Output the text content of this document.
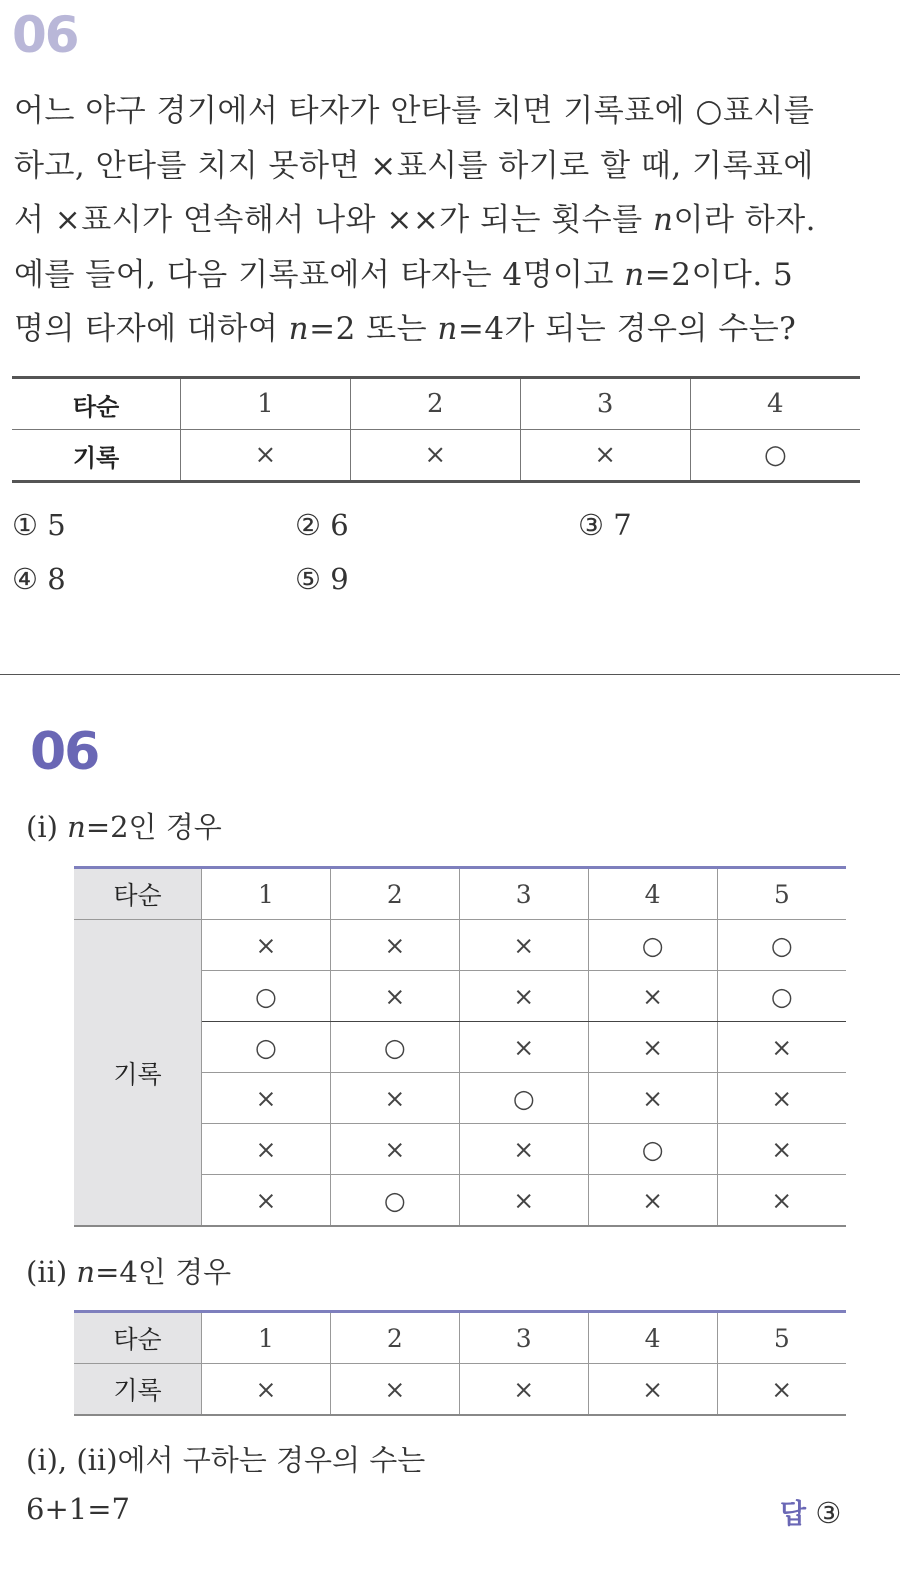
06

어느 야구 경기에서 타자가 안타를 치면 기록표에 ○표시를

하고, 안타를 치지 못하면 ×표시를 하기로 할 때, 기록표에

서 ×표시가 연속해서 나와 ××가 되는 횟수를 𝑛이라 하자.

예를 들어, 다음 기록표에서 타자는 4명이고 𝑛=2이다. 5

명의 타자에 대하여 𝑛=2 또는 𝑛=4가 되는 경우의 수는?

타순	1	2	3	4
기록	×	×	×	○
① 5	② 6	③ 7
④ 8	⑤ 9
06
(ⅰ) n=2인 경우
타순	1	2	3	4	5
기록	×	×	×	○	○
	○	×	×	×	○
	○	○	×	×	×
	×	×	○	×	×
	×	×	×	○	×
	×	○	×	×	×
(ⅱ) n=4인 경우
타순	1	2	3	4	5
기록	×	×	×	×	×
(ⅰ), (ⅱ)에서 구하는 경우의 수는
6+1=7	답 ③
